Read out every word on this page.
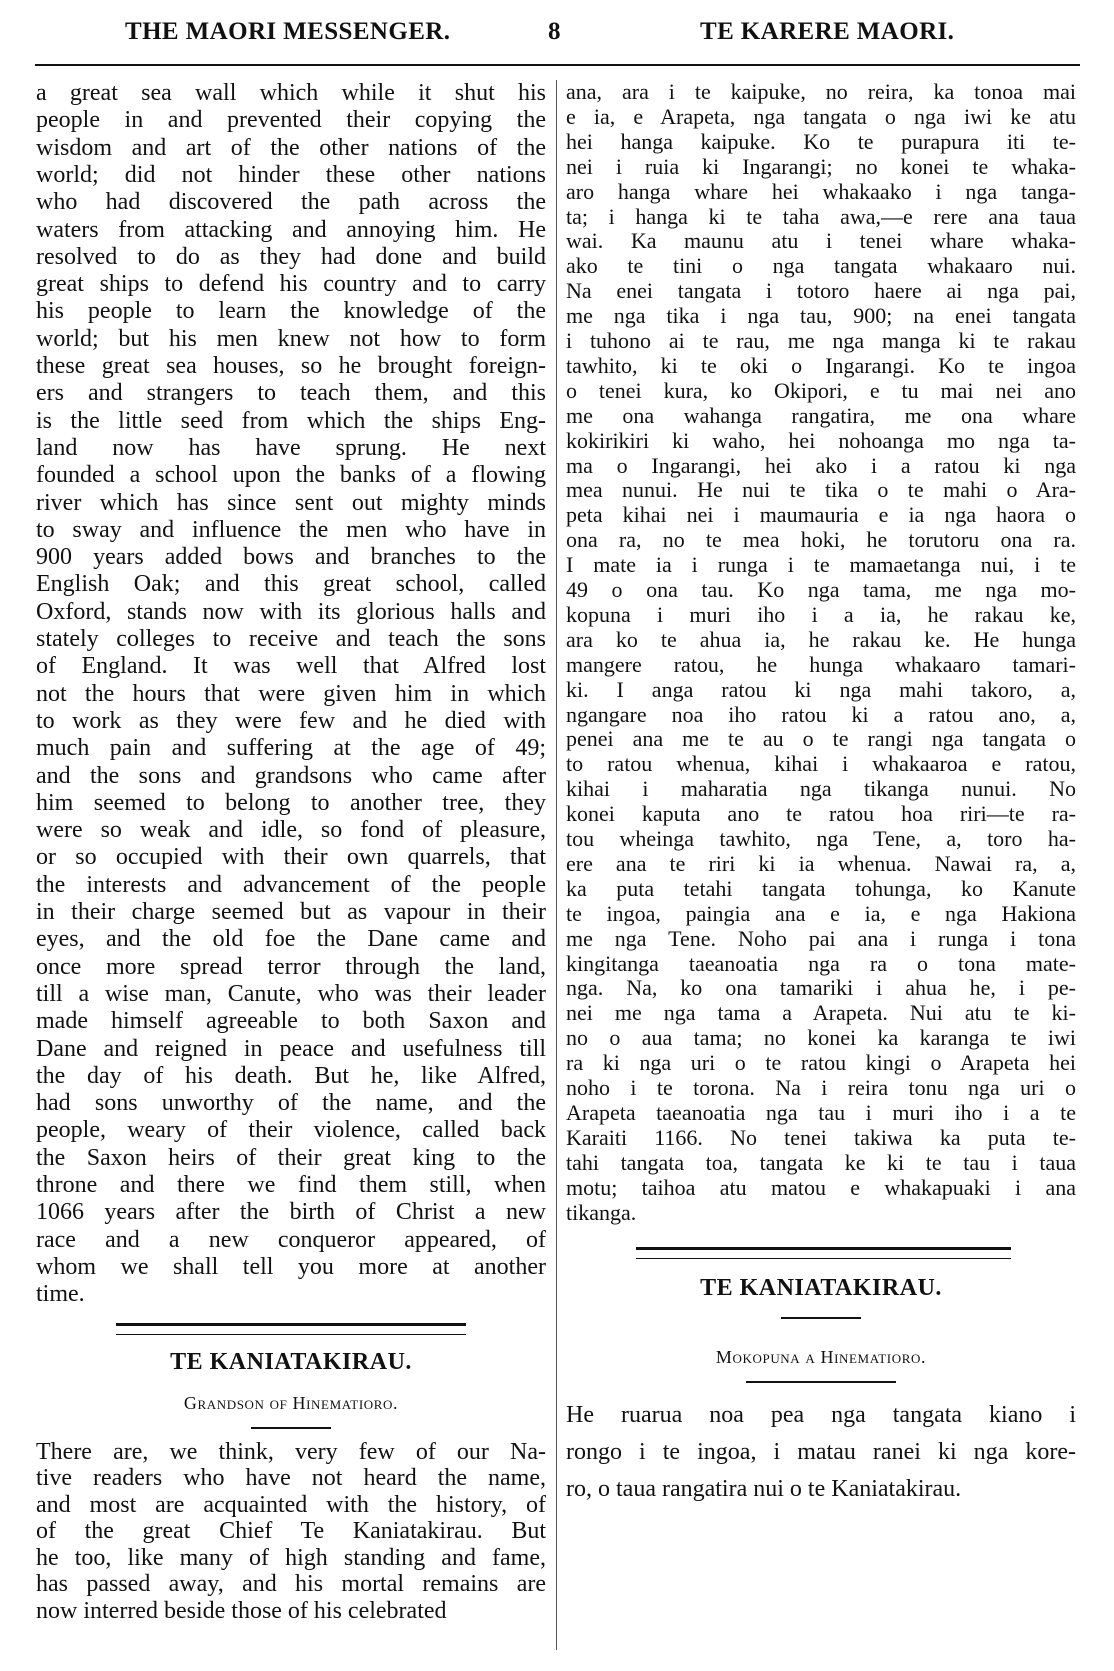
THE MAORI MESSENGER.	8	TE KARERE MAORI.
a great sea wall which while it shut his
people in and prevented their copying the
wisdom and art of the other nations of the
world; did not hinder these other nations
who had discovered the path across the
waters from attacking and annoying him. He
resolved to do as they had done and build
great ships to defend his country and to carry
his people to learn the knowledge of the
world; but his men knew not how to form
these great sea houses, so he brought foreign-
ers and strangers to teach them, and this
is the little seed from which the ships Eng-
land now has have sprung. He next
founded a school upon the banks of a flowing
river which has since sent out mighty minds
to sway and influence the men who have in
900 years added bows and branches to the
English Oak; and this great school, called
Oxford, stands now with its glorious halls and
stately colleges to receive and teach the sons
of England. It was well that Alfred lost
not the hours that were given him in which
to work as they were few and he died with
much pain and suffering at the age of 49;
and the sons and grandsons who came after
him seemed to belong to another tree, they
were so weak and idle, so fond of pleasure,
or so occupied with their own quarrels, that
the interests and advancement of the people
in their charge seemed but as vapour in their
eyes, and the old foe the Dane came and
once more spread terror through the land,
till a wise man, Canute, who was their leader
made himself agreeable to both Saxon and
Dane and reigned in peace and usefulness till
the day of his death. But he, like Alfred,
had sons unworthy of the name, and the
people, weary of their violence, called back
the Saxon heirs of their great king to the
throne and there we find them still, when
1066 years after the birth of Christ a new
race and a new conqueror appeared, of
whom we shall tell you more at another
time.
TE KANIATAKIRAU.
Grandson of Hinematioro.
There are, we think, very few of our Na-
tive readers who have not heard the name,
and most are acquainted with the history, of
of the great Chief Te Kaniatakirau. But
he too, like many of high standing and fame,
has passed away, and his mortal remains are
now interred beside those of his celebrated
ana, ara i te kaipuke, no reira, ka tonoa mai
e ia, e Arapeta, nga tangata o nga iwi ke atu
hei hanga kaipuke. Ko te purapura iti te-
nei i ruia ki Ingarangi; no konei te whaka-
aro hanga whare hei whakaako i nga tanga-
ta; i hanga ki te taha awa,—e rere ana taua
wai. Ka maunu atu i tenei whare whaka-
ako te tini o nga tangata whakaaro nui.
Na enei tangata i totoro haere ai nga pai,
me nga tika i nga tau, 900; na enei tangata
i tuhono ai te rau, me nga manga ki te rakau
tawhito, ki te oki o Ingarangi. Ko te ingoa
o tenei kura, ko Okipori, e tu mai nei ano
me ona wahanga rangatira, me ona whare
kokirikiri ki waho, hei nohoanga mo nga ta-
ma o Ingarangi, hei ako i a ratou ki nga
mea nunui. He nui te tika o te mahi o Ara-
peta kihai nei i maumauria e ia nga haora o
ona ra, no te mea hoki, he torutoru ona ra.
I mate ia i runga i te mamaetanga nui, i te
49 o ona tau. Ko nga tama, me nga mo-
kopuna i muri iho i a ia, he rakau ke,
ara ko te ahua ia, he rakau ke. He hunga
mangere ratou, he hunga whakaaro tamari-
ki. I anga ratou ki nga mahi takoro, a,
ngangare noa iho ratou ki a ratou ano, a,
penei ana me te au o te rangi nga tangata o
to ratou whenua, kihai i whakaaroa e ratou,
kihai i maharatia nga tikanga nunui. No
konei kaputa ano te ratou hoa riri—te ra-
tou wheinga tawhito, nga Tene, a, toro ha-
ere ana te riri ki ia whenua. Nawai ra, a,
ka puta tetahi tangata tohunga, ko Kanute
te ingoa, paingia ana e ia, e nga Hakiona
me nga Tene. Noho pai ana i runga i tona
kingitanga taeanoatia nga ra o tona mate-
nga. Na, ko ona tamariki i ahua he, i pe-
nei me nga tama a Arapeta. Nui atu te ki-
no o aua tama; no konei ka karanga te iwi
ra ki nga uri o te ratou kingi o Arapeta hei
noho i te torona. Na i reira tonu nga uri o
Arapeta taeanoatia nga tau i muri iho i a te
Karaiti 1166. No tenei takiwa ka puta te-
tahi tangata toa, tangata ke ki te tau i taua
motu; taihoa atu matou e whakapuaki i ana
tikanga.
TE KANIATAKIRAU.
Mokopuna a Hinematioro.
He ruarua noa pea nga tangata kiano i
rongo i te ingoa, i matau ranei ki nga kore-
ro, o taua rangatira nui o te Kaniatakirau.
